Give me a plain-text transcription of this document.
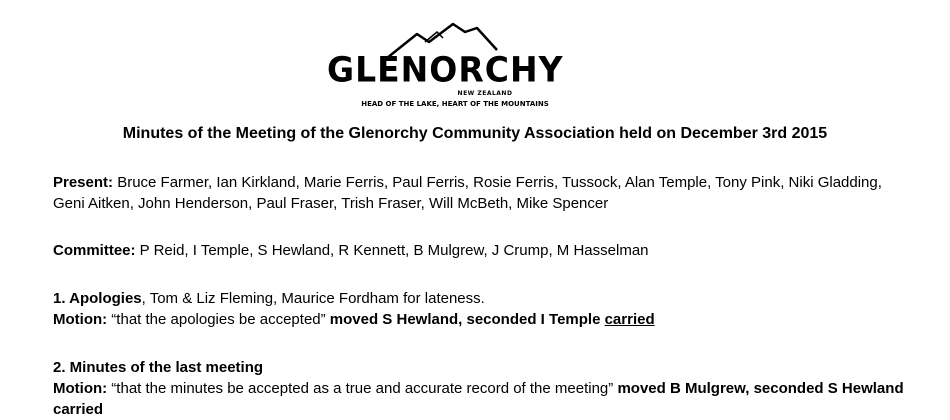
GLENORCHY
NEW ZEALAND
HEAD OF THE LAKE, HEART OF THE MOUNTAINS
Minutes of the Meeting of the Glenorchy Community Association held on December 3rd 2015
Present: Bruce Farmer, Ian Kirkland, Marie Ferris, Paul Ferris, Rosie Ferris, Tussock, Alan Temple, Tony Pink, Niki Gladding, Geni Aitken, John Henderson, Paul Fraser, Trish Fraser, Will McBeth, Mike Spencer
Committee: P Reid, I Temple, S Hewland, R Kennett, B Mulgrew, J Crump, M Hasselman
1. Apologies, Tom & Liz Fleming, Maurice Fordham for lateness.
Motion: “that the apologies be accepted” moved S Hewland, seconded I Temple carried
2. Minutes of the last meeting
Motion: “that the minutes be accepted as a true and accurate record of the meeting” moved B Mulgrew, seconded S Hewland carried
